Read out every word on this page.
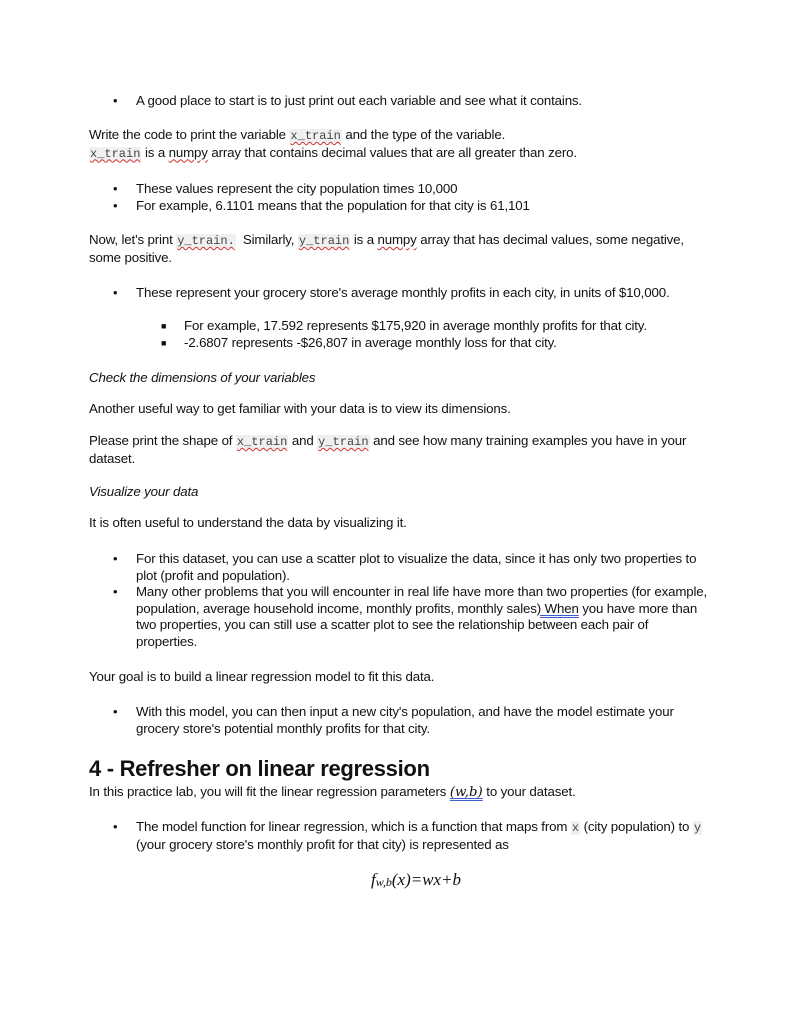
•	A good place to start is to just print out each variable and see what it contains.
Write the code to print the variable x_train and the type of the variable.
x_train is a numpy array that contains decimal values that are all greater than zero.
•	These values represent the city population times 10,000
•	For example, 6.1101 means that the population for that city is 61,101
Now, let's print y_train.  Similarly, y_train is a numpy array that has decimal values, some negative, some positive.
•	These represent your grocery store's average monthly profits in each city, in units of $10,000.
■	For example, 17.592 represents $175,920 in average monthly profits for that city.
■	-2.6807 represents -$26,807 in average monthly loss for that city.
Check the dimensions of your variables
Another useful way to get familiar with your data is to view its dimensions.
Please print the shape of x_train and y_train and see how many training examples you have in your dataset.
Visualize your data
It is often useful to understand the data by visualizing it.
•	For this dataset, you can use a scatter plot to visualize the data, since it has only two properties to plot (profit and population).
•	Many other problems that you will encounter in real life have more than two properties (for example, population, average household income, monthly profits, monthly sales) When you have more than two properties, you can still use a scatter plot to see the relationship between each pair of properties.
Your goal is to build a linear regression model to fit this data.
•	With this model, you can then input a new city's population, and have the model estimate your grocery store's potential monthly profits for that city.
4 - Refresher on linear regression
In this practice lab, you will fit the linear regression parameters (w,b) to your dataset.
•	The model function for linear regression, which is a function that maps from x (city population) to y (your grocery store's monthly profit for that city) is represented as
$f_{w,b}(x)=wx+b$
